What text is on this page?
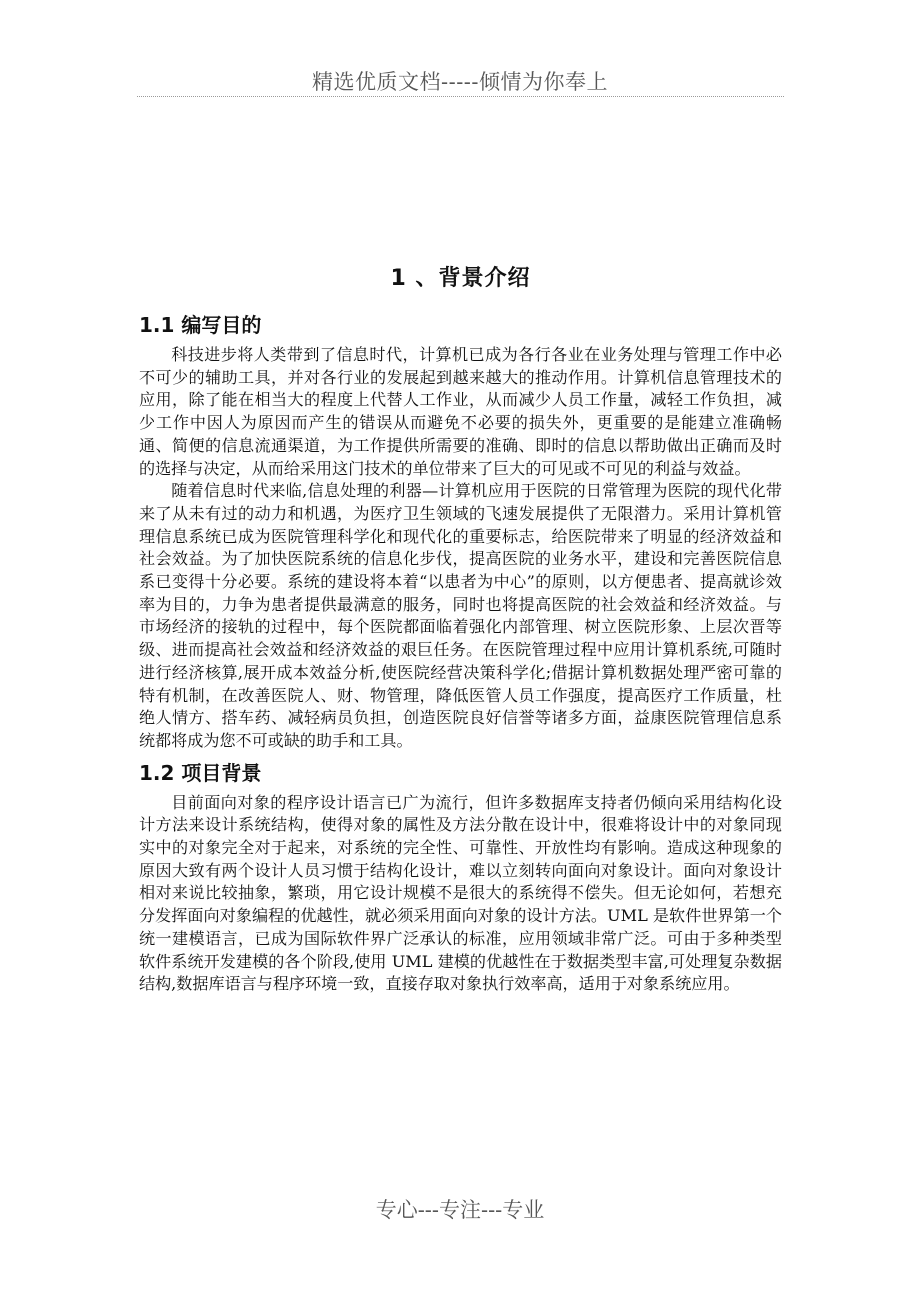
精选优质文档-----倾情为你奉上
1 、背景介绍
1.1 编写目的

科技进步将人类带到了信息时代，计算机已成为各行各业在业务处理与管理工作中必不可少的辅助工具，并对各行业的发展起到越来越大的推动作用。计算机信息管理技术的应用，除了能在相当大的程度上代替人工作业，从而减少人员工作量，减轻工作负担，减少工作中因人为原因而产生的错误从而避免不必要的损失外，更重要的是能建立准确畅通、简便的信息流通渠道，为工作提供所需要的准确、即时的信息以帮助做出正确而及时的选择与决定，从而给采用这门技术的单位带来了巨大的可见或不可见的利益与效益。

随着信息时代来临,信息处理的利器—计算机应用于医院的日常管理为医院的现代化带来了从未有过的动力和机遇，为医疗卫生领域的飞速发展提供了无限潜力。采用计算机管理信息系统已成为医院管理科学化和现代化的重要标志，给医院带来了明显的经济效益和社会效益。为了加快医院系统的信息化步伐，提高医院的业务水平，建设和完善医院信息系已变得十分必要。系统的建设将本着“以患者为中心”的原则，以方便患者、提高就诊效率为目的，力争为患者提供最满意的服务，同时也将提高医院的社会效益和经济效益。与市场经济的接轨的过程中，每个医院都面临着强化内部管理、树立医院形象、上层次晋等级、进而提高社会效益和经济效益的艰巨任务。在医院管理过程中应用计算机系统,可随时进行经济核算,展开成本效益分析,使医院经营决策科学化;借据计算机数据处理严密可靠的特有机制，在改善医院人、财、物管理，降低医管人员工作强度，提高医疗工作质量，杜绝人情方、搭车药、减轻病员负担，创造医院良好信誉等诸多方面，益康医院管理信息系统都将成为您不可或缺的助手和工具。

1.2 项目背景

目前面向对象的程序设计语言已广为流行，但许多数据库支持者仍倾向采用结构化设计方法来设计系统结构，使得对象的属性及方法分散在设计中，很难将设计中的对象同现实中的对象完全对于起来，对系统的完全性、可靠性、开放性均有影响。造成这种现象的原因大致有两个设计人员习惯于结构化设计，难以立刻转向面向对象设计。面向对象设计相对来说比较抽象，繁琐，用它设计规模不是很大的系统得不偿失。但无论如何，若想充分发挥面向对象编程的优越性，就必须采用面向对象的设计方法。UML 是软件世界第一个统一建模语言，已成为国际软件界广泛承认的标准，应用领域非常广泛。可由于多种类型软件系统开发建模的各个阶段,使用 UML 建模的优越性在于数据类型丰富,可处理复杂数据结构,数据库语言与程序环境一致，直接存取对象执行效率高，适用于对象系统应用。

专心---专注---专业
